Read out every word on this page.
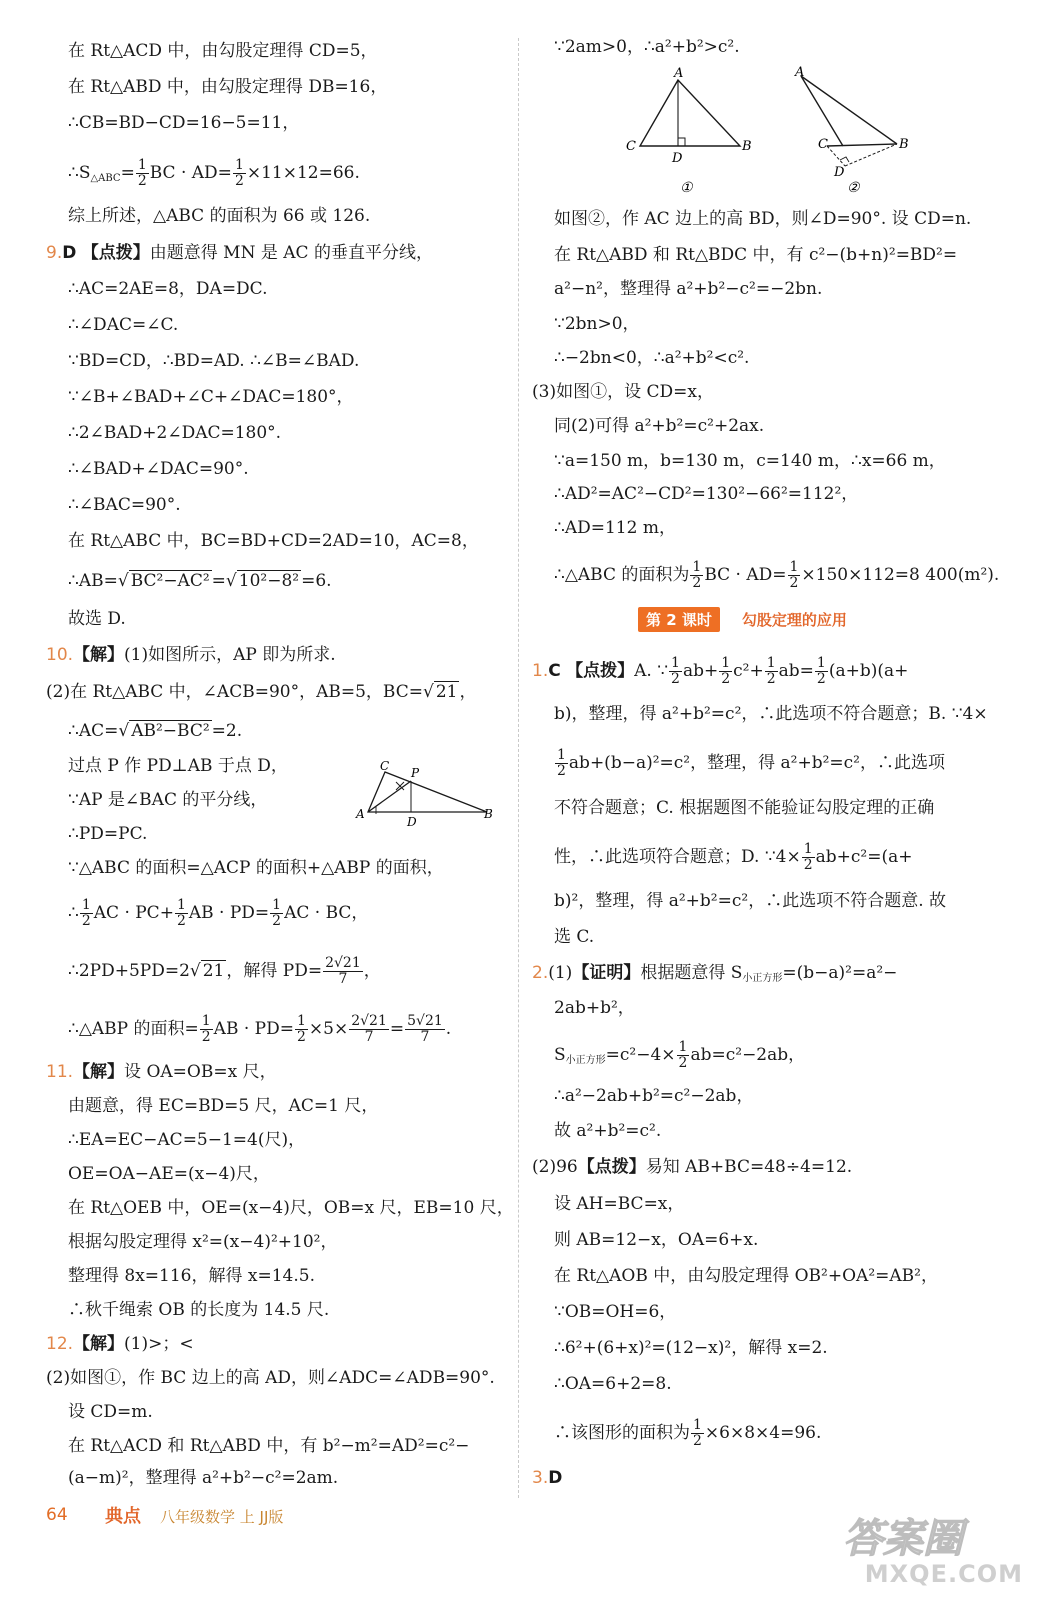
在 Rt△ACD 中，由勾股定理得 CD=5，
在 Rt△ABD 中，由勾股定理得 DB=16，
∴CB=BD−CD=16−5=11，
$\therefore S_{\triangle ABC}= \frac{1}{2}$ BC · $AD= \frac{1}{2} \times 11\times 12=66$.
综上所述，△ABC 的面积为 66 或 126.
9.D 【点拨】由题意得 MN 是 AC 的垂直平分线，
∴AC=2AE=8，DA=DC.
∴∠DAC=∠C.
∵BD=CD，∴BD=AD. ∴∠B=∠BAD.
∵∠B+∠BAD+∠C+∠DAC=180°，
∴2∠BAD+2∠DAC=180°.
∴∠BAD+∠DAC=90°.
∴∠BAC=90°.
在 Rt△ABC 中，BC=BD+CD=2AD=10，AC=8，
∴AB=√ BC²−AC² =√ 10²−8² =6.
故选 D.
10.【解】(1)如图所示，AP 即为所求.
(2)在 Rt△ABC 中，∠ACB=90°，AB=5，BC=√ 21 ，
∴AC=√ AB²−BC² =2.
过点 P 作 PD⊥AB 于点 D，
∵AP 是∠BAC 的平分线，
∴PD=PC.
C P
A
D
B
∵△ABC 的面积=△ACP 的面积+△ABP 的面积，
∴ $\frac{1}{2}$ AC · $PC+ \frac{1}{2}$ AB · $PD= \frac{1}{2}$ AC · BC，
∴2PD+5PD=2√ 21 ，解得 $PD= \frac{2√21}{7}$ ，
∴△ABP 的面积= $\frac{1}{2}$ AB · $PD= \frac{1}{2} \times 5\times \frac{2√21}{7} = \frac{5√21}{7}$ .
11.【解】设 OA=OB=x 尺，
由题意，得 EC=BD=5 尺，AC=1 尺，
∴EA=EC−AC=5−1=4(尺)，
OE=OA−AE=(x−4)尺，
在 Rt△OEB 中，OE=(x−4)尺，OB=x 尺，EB=10 尺，
根据勾股定理得 x²=(x−4)²+10²，
整理得 8x=116，解得 x=14.5.
∴秋千绳索 OB 的长度为 14.5 尺.
12.【解】(1)>；<
(2)如图①，作 BC 边上的高 AD，则∠ADC=∠ADB=90°.
设 CD=m.
在 Rt△ACD 和 Rt△ABD 中，有 b²−m²=AD²=c²−
(a−m)²，整理得 a²+b²−c²=2am.
∵2am>0，∴a²+b²>c².
A
C	B
D
①
A
C	B
D
②
如图②，作 AC 边上的高 BD，则∠D=90°. 设 CD=n.
在 Rt△ABD 和 Rt△BDC 中，有 c²−(b+n)²=BD²=
a²−n²，整理得 a²+b²−c²=−2bn.
∵2bn>0，
∴−2bn<0，∴a²+b²<c².
(3)如图①，设 CD=x，
同(2)可得 a²+b²=c²+2ax.
∵a=150 m，b=130 m，c=140 m，∴x=66 m，
∴AD²=AC²−CD²=130²−66²=112²，
∴AD=112 m，
∴△ABC 的面积为 $\frac{1}{2}$ BC · $AD= \frac{1}{2} \times 150\times 112=8$ 400(m²).
第 2 课时	勾股定理的应用
1.C 【点拨】A. ∵ $\frac{1}{2} ab+ \frac{1}{2} c^2+ \frac{1}{2} ab= \frac{1}{2} (a+b)(a+$
b)，整理，得 a²+b²=c²，∴此选项不符合题意；B. ∵4×
$\frac{1}{2} ab+(b-a)^2=c^2$，整理，得 a²+b²=c²，∴此选项
不符合题意；C. 根据题图不能验证勾股定理的正确
性，∴此选项符合题意；D. ∵4× $\frac{1}{2} ab+c^2=(a+$
b)²，整理，得 a²+b²=c²，∴此选项不符合题意. 故
选 C.
2.(1)【证明】根据题意得 $S_{小正方形}=(b-a)^2=a^2-$
2ab+b²，
$S_{小正方形}=c^2-4\times \frac{1}{2} ab=c^2-2ab$，
∴a²−2ab+b²=c²−2ab，
故 a²+b²=c².
(2)96【点拨】易知 AB+BC=48÷4=12.
设 AH=BC=x，
则 AB=12−x，OA=6+x.
在 Rt△AOB 中，由勾股定理得 OB²+OA²=AB²，
∵OB=OH=6，
∴6²+(6+x)²=(12−x)²，解得 x=2.
∴OA=6+2=8.
∴该图形的面积为 $\frac{1}{2} \times 6\times 8\times 4=96$.
3.D
64 典点 八年级数学 上 JJ版	答案圈
MXQE.COM
